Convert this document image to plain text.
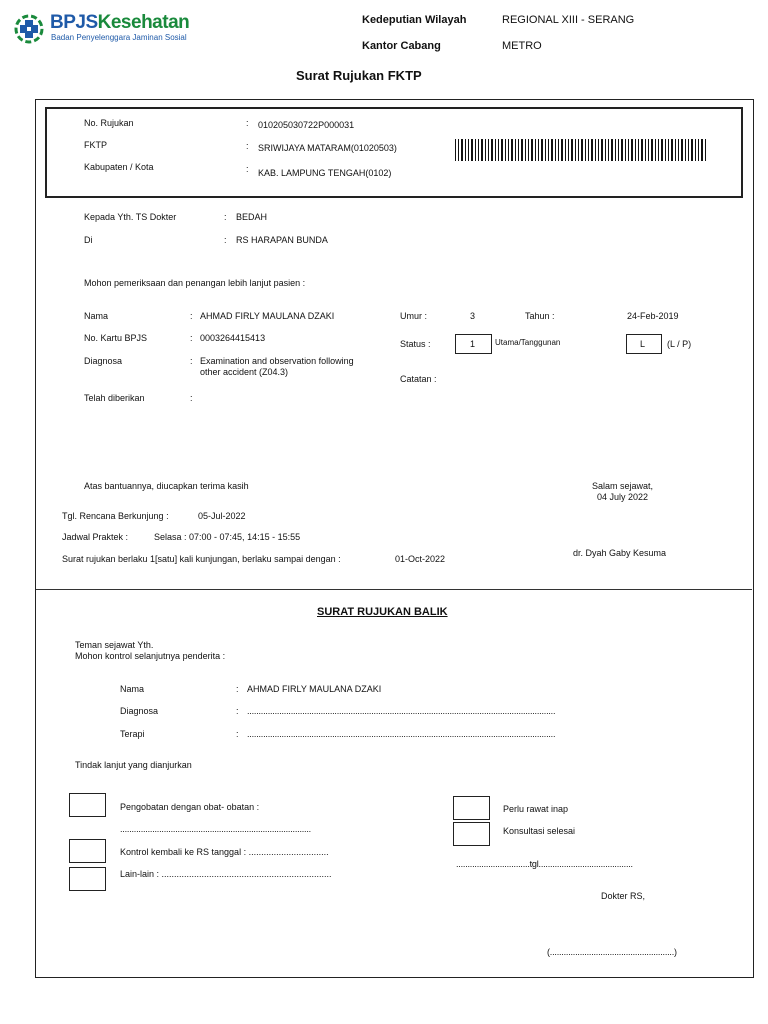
BPJSKesehatan
Badan Penyelenggara Jaminan Sosial
Kedeputian Wilayah	REGIONAL XIII - SERANG
Kantor Cabang	METRO
Surat Rujukan FKTP
No. Rujukan	: 010205030722P000031
FKTP	: SRIWIJAYA MATARAM(01020503)
Kabupaten / Kota	: KAB. LAMPUNG TENGAH(0102)
Kepada Yth. TS Dokter	: BEDAH
Di	: RS HARAPAN BUNDA
Mohon pemeriksaan dan penangan lebih lanjut pasien :
Nama	: AHMAD FIRLY MAULANA DZAKI
No. Kartu BPJS	: 0003264415413
Diagnosa	: Examination and observation following
other accident (Z04.3)
Telah diberikan	:
Umur :	3	Tahun :	24-Feb-2019
Status :	1 Utama/Tanggunan	L (L / P)
Catatan :
Atas bantuannya, diucapkan terima kasih	Salam sejawat,
04 July 2022
Tgl. Rencana Berkunjung :	05-Jul-2022
Jadwal Praktek :	Selasa : 07:00 - 07:45, 14:15 - 15:55
Surat rujukan berlaku 1[satu] kali kunjungan, berlaku sampai dengan :	01-Oct-2022
dr. Dyah Gaby Kesuma
SURAT RUJUKAN BALIK
Teman sejawat Yth.
Mohon kontrol selanjutnya penderita :
Nama	: AHMAD FIRLY MAULANA DZAKI
Diagnosa	: ......................................................................................................................................
Terapi	: ......................................................................................................................................
Tindak lanjut yang dianjurkan
Pengobatan dengan obat- obatan :
...................................................................................
Kontrol kembali ke RS tanggal : ................................
Lain-lain : ....................................................................
Perlu rawat inap
Konsultasi selesai
................................tgl.........................................
Dokter RS,
(......................................................)
